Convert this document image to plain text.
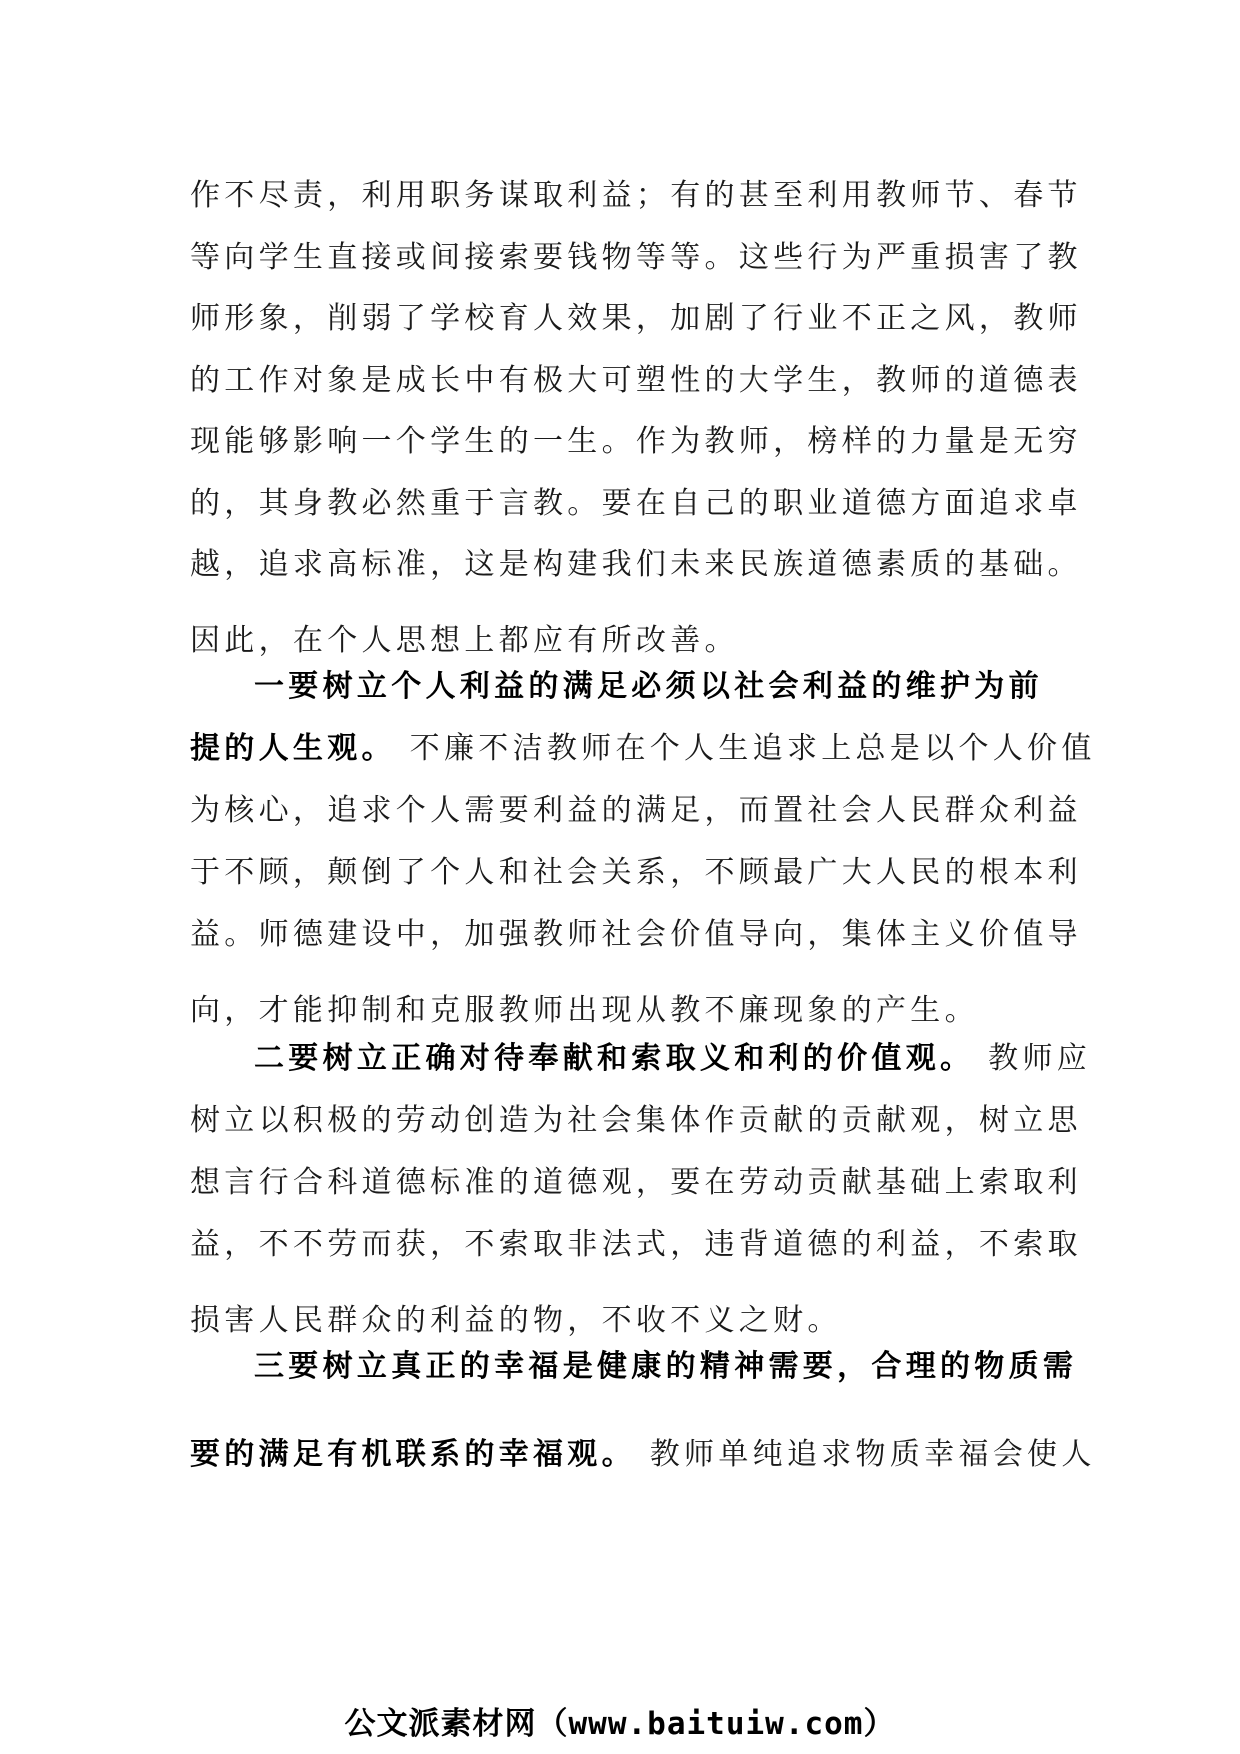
作不尽责，利用职务谋取利益；有的甚至利用教师节、春节
等向学生直接或间接索要钱物等等。这些行为严重损害了教
师形象，削弱了学校育人效果，加剧了行业不正之风，教师
的工作对象是成长中有极大可塑性的大学生，教师的道德表
现能够影响一个学生的一生。作为教师，榜样的力量是无穷
的，其身教必然重于言教。要在自己的职业道德方面追求卓
越，追求高标准，这是构建我们未来民族道德素质的基础。
因此，在个人思想上都应有所改善。
一要树立个人利益的满足必须以社会利益的维护为前
提的人生观。 不廉不洁教师在个人生追求上总是以个人价值
为核心，追求个人需要利益的满足，而置社会人民群众利益
于不顾，颠倒了个人和社会关系，不顾最广大人民的根本利
益。师德建设中，加强教师社会价值导向，集体主义价值导
向，才能抑制和克服教师出现从教不廉现象的产生。
二要树立正确对待奉献和索取义和利的价值观。 教师应
树立以积极的劳动创造为社会集体作贡献的贡献观，树立思
想言行合科道德标准的道德观，要在劳动贡献基础上索取利
益，不不劳而获，不索取非法式，违背道德的利益，不索取
损害人民群众的利益的物，不收不义之财。
三要树立真正的幸福是健康的精神需要，合理的物质需
要的满足有机联系的幸福观。 教师单纯追求物质幸福会使人
公文派素材网（www.baituiw.com）
